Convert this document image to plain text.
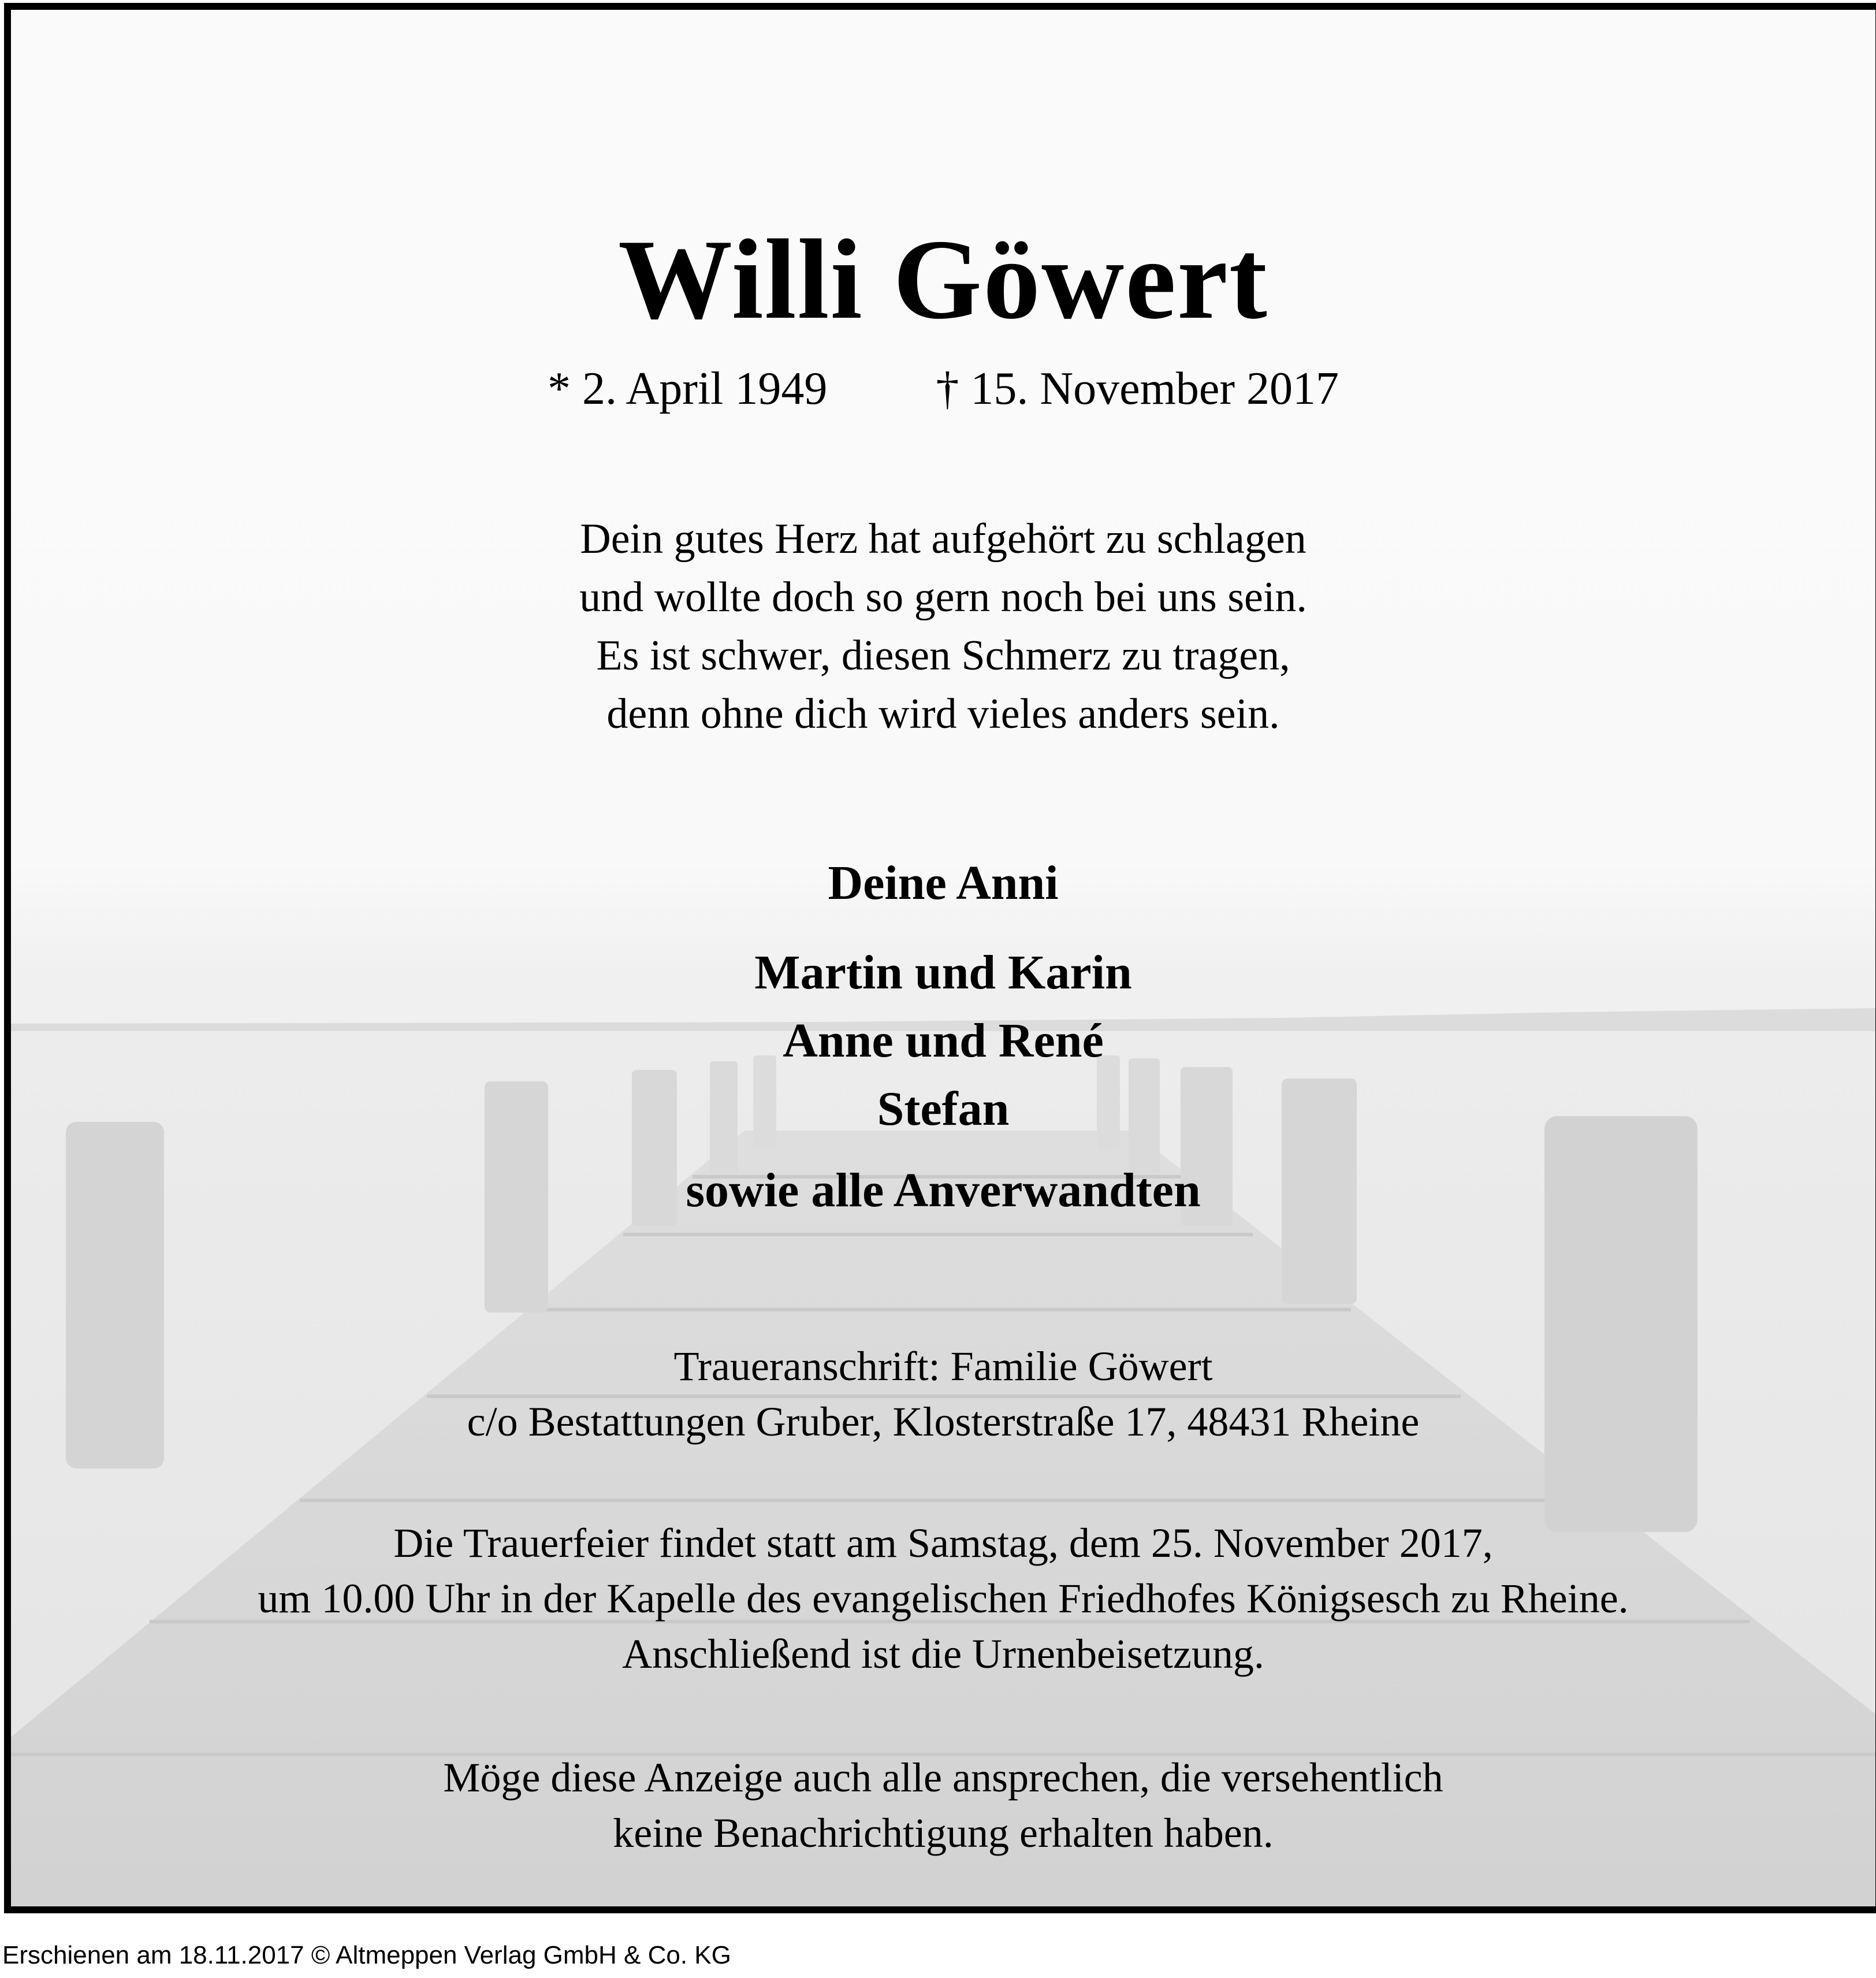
Willi Göwert
* 2. April 1949 † 15. November 2017
Dein gutes Herz hat aufgehört zu schlagen
und wollte doch so gern noch bei uns sein.
Es ist schwer, diesen Schmerz zu tragen,
denn ohne dich wird vieles anders sein.
Deine Anni
Martin und Karin
Anne und René
Stefan
sowie alle Anverwandten
Traueranschrift: Familie Göwert
c/o Bestattungen Gruber, Klosterstraße 17, 48431 Rheine
Die Trauerfeier findet statt am Samstag, dem 25. November 2017,
um 10.00 Uhr in der Kapelle des evangelischen Friedhofes Königsesch zu Rheine.
Anschließend ist die Urnenbeisetzung.
Möge diese Anzeige auch alle ansprechen, die versehentlich
keine Benachrichtigung erhalten haben.
Erschienen am 18.11.2017 © Altmeppen Verlag GmbH & Co. KG
